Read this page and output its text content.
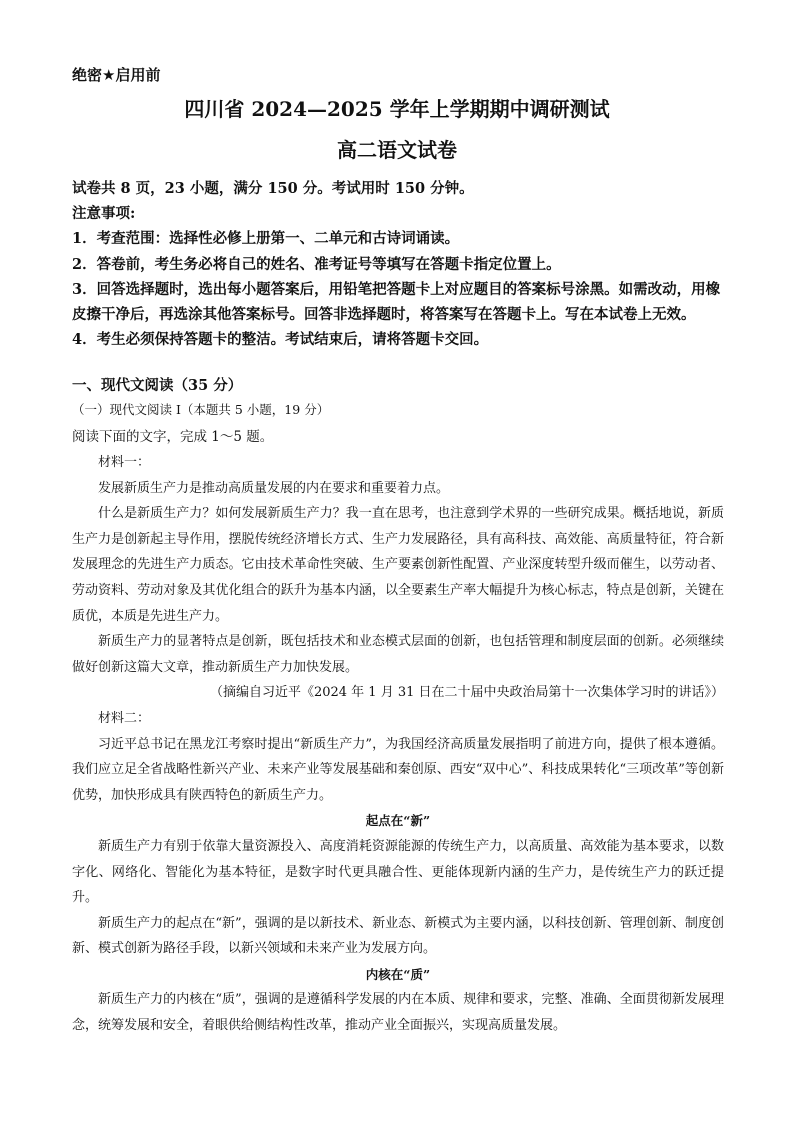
绝密★启用前
四川省 2024—2025 学年上学期期中调研测试
高二语文试卷

试卷共 8 页，23 小题，满分 150 分。考试用时 150 分钟。

注意事项:

1．考查范围：选择性必修上册第一、二单元和古诗词诵读。

2．答卷前，考生务必将自己的姓名、准考证号等填写在答题卡指定位置上。

3．回答选择题时，选出每小题答案后，用铅笔把答题卡上对应题目的答案标号涂黑。如需改动，用橡皮擦干净后，再选涂其他答案标号。回答非选择题时，将答案写在答题卡上。写在本试卷上无效。

4．考生必须保持答题卡的整洁。考试结束后，请将答题卡交回。

一、现代文阅读（35 分）
（一）现代文阅读 I（本题共 5 小题，19 分）
阅读下面的文字，完成 1～5 题。

材料一：

发展新质生产力是推动高质量发展的内在要求和重要着力点。

什么是新质生产力？如何发展新质生产力？我一直在思考，也注意到学术界的一些研究成果。概括地说，新质生产力是创新起主导作用，摆脱传统经济增长方式、生产力发展路径，具有高科技、高效能、高质量特征，符合新发展理念的先进生产力质态。它由技术革命性突破、生产要素创新性配置、产业深度转型升级而催生，以劳动者、劳动资料、劳动对象及其优化组合的跃升为基本内涵，以全要素生产率大幅提升为核心标志，特点是创新，关键在质优，本质是先进生产力。

新质生产力的显著特点是创新，既包括技术和业态模式层面的创新，也包括管理和制度层面的创新。必须继续做好创新这篇大文章，推动新质生产力加快发展。

（摘编自习近平《2024 年 1 月 31 日在二十届中央政治局第十一次集体学习时的讲话》）

材料二：

习近平总书记在黑龙江考察时提出“新质生产力”，为我国经济高质量发展指明了前进方向，提供了根本遵循。我们应立足全省战略性新兴产业、未来产业等发展基础和秦创原、西安“双中心”、科技成果转化“三项改革”等创新优势，加快形成具有陕西特色的新质生产力。

起点在“新”

新质生产力有别于依靠大量资源投入、高度消耗资源能源的传统生产力，以高质量、高效能为基本要求，以数字化、网络化、智能化为基本特征，是数字时代更具融合性、更能体现新内涵的生产力，是传统生产力的跃迁提升。

新质生产力的起点在“新”，强调的是以新技术、新业态、新模式为主要内涵，以科技创新、管理创新、制度创新、模式创新为路径手段，以新兴领域和未来产业为发展方向。

内核在“质”

新质生产力的内核在“质”，强调的是遵循科学发展的内在本质、规律和要求，完整、准确、全面贯彻新发展理念，统筹发展和安全，着眼供给侧结构性改革，推动产业全面振兴，实现高质量发展。
